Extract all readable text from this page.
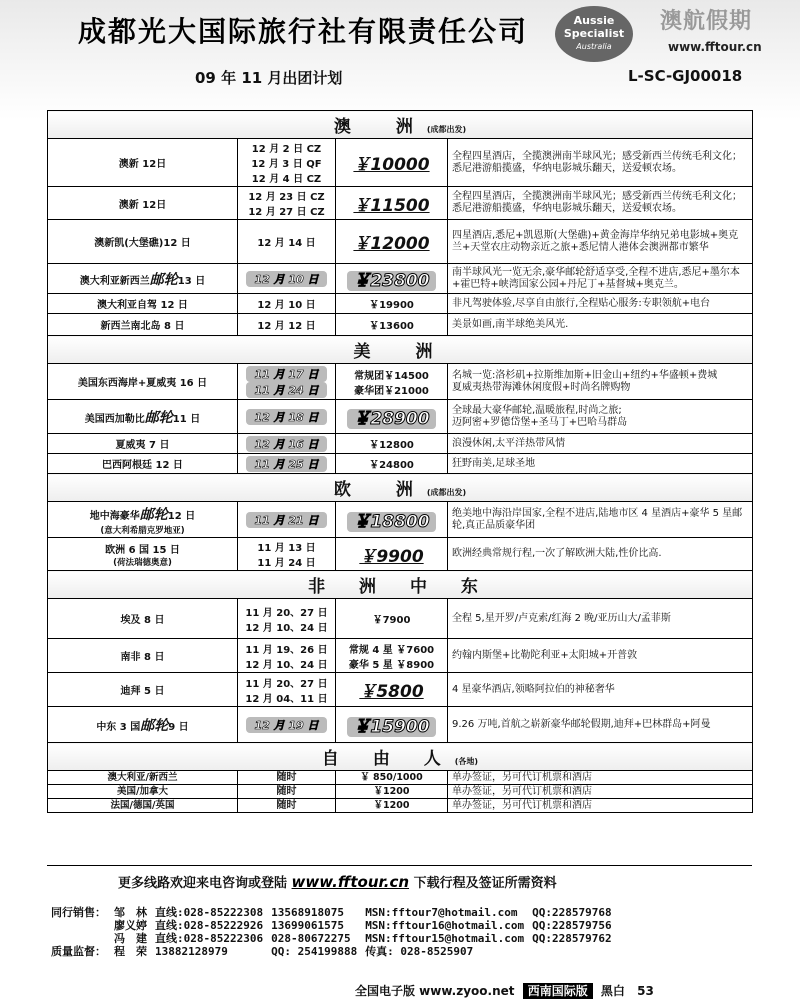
成都光大国际旅行社有限责任公司	Aussie
Specialist
Australia
澳航假期
www.fftour.cn
09 年 11 月出团计划	L-SC-GJ00018
澳　洲(成都出发)			
澳新 12日	12 月 2 日 CZ
12 月 3 日 QF
12 月 4 日 CZ	￥10000	全程四星酒店，全揽澳洲南半球风光；感受新西兰传统毛利文化；悉尼港游船揽盛，华纳电影城乐翻天，送爱顿农场。
澳新 12日	12 月 23 日 CZ
12 月 27 日 CZ	￥11500	全程四星酒店，全揽澳洲南半球风光；感受新西兰传统毛利文化；悉尼港游船揽盛，华纳电影城乐翻天，送爱顿农场。
澳新凯(大堡礁)12 日	12 月 14 日	￥12000	四星酒店,悉尼+凯恩斯(大堡礁)+黄金海岸华纳兄弟电影城+奥克兰+天堂农庄动物亲近之旅+悉尼情人港体会澳洲都市繁华
澳大利亚新西兰邮轮13 日	12 月 10 日	￥23800	南半球风光一览无余,豪华邮轮舒适享受,全程不进店,悉尼+墨尔本+霍巴特+峡湾国家公园+丹尼丁+基督城+奥克兰。
澳大利亚自驾 12 日	12 月 10 日	￥19900	非凡驾驶体验,尽享自由旅行,全程贴心服务:专职领航+电台
新西兰南北岛 8 日	12 月 12 日	￥13600	美景如画,南半球绝美风光.
美　洲			
美国东西海岸+夏威夷 16 日	11 月 17 日
11 月 24 日	常规团￥14500
豪华团￥21000	名城一览:洛杉矶+拉斯维加斯+旧金山+纽约+华盛顿+费城
夏威夷热带海滩休闲度假+时尚名牌购物
美国西加勒比邮轮11 日	12 月 18 日	￥28900	全球最大豪华邮轮,温暖旅程,时尚之旅;
迈阿密+罗德岱堡+圣马丁+巴哈马群岛
夏威夷 7 日	12 月 16 日	￥12800	浪漫休闲,太平洋热带风情
巴西阿根廷 12 日	11 月 25 日	￥24800	狂野南美,足球圣地
欧　洲(成都出发)			
地中海豪华邮轮12 日
(意大利希腊克罗地亚)	11 月 21 日	￥18800	绝美地中海沿岸国家,全程不进店,陆地市区 4 星酒店+豪华 5 星邮轮,真正品质豪华团
欧洲 6 国 15 日
(荷法瑞德奥意)	11 月 13 日
11 月 24 日	￥9900	欧洲经典常规行程,一次了解欧洲大陆,性价比高.
非 洲 中 东			
埃及 8 日	11 月 20、27 日
12 月 10、24 日	￥7900	全程 5,星开罗/卢克索/红海 2 晚/亚历山大/孟菲斯
南非 8 日	11 月 19、26 日
12 月 10、24 日	常规 4 星 ￥7600
豪华 5 星 ￥8900	约翰内斯堡+比勒陀利亚+太阳城+开普敦
迪拜 5 日	11 月 20、27 日
12 月 04、11 日	￥5800	4 星豪华酒店,领略阿拉伯的神秘奢华
中东 3 国邮轮9 日	12 月 19 日	￥15900	9.26 万吨,首航之崭新豪华邮轮假期,迪拜+巴林群岛+阿曼
自 由 人(各地)			
澳大利亚/新西兰	随时	￥ 850/1000	单办签证，另可代订机票和酒店
美国/加拿大	随时	￥1200	单办签证，另可代订机票和酒店
法国/德国/英国	随时	￥1200	单办签证，另可代订机票和酒店
更多线路欢迎来电咨询或登陆 www.fftour.cn 下载行程及签证所需资料
同行销售：	邹　林	直线:028-85222308	13568918075	MSN:fftour7@hotmail.com	QQ:228579768
	廖义婷	直线:028-85222926	13699061575	MSN:fftour16@hotmail.com	QQ:228579756
	冯　建	直线:028-85222306	028-80672275	MSN:fftour15@hotmail.com	QQ:228579762
质量监督：	程　荣	13882128979	QQ: 254199888	传真: 028-8525907	
全国电子版 www.zyoo.net 西南国际版 黑白 53
